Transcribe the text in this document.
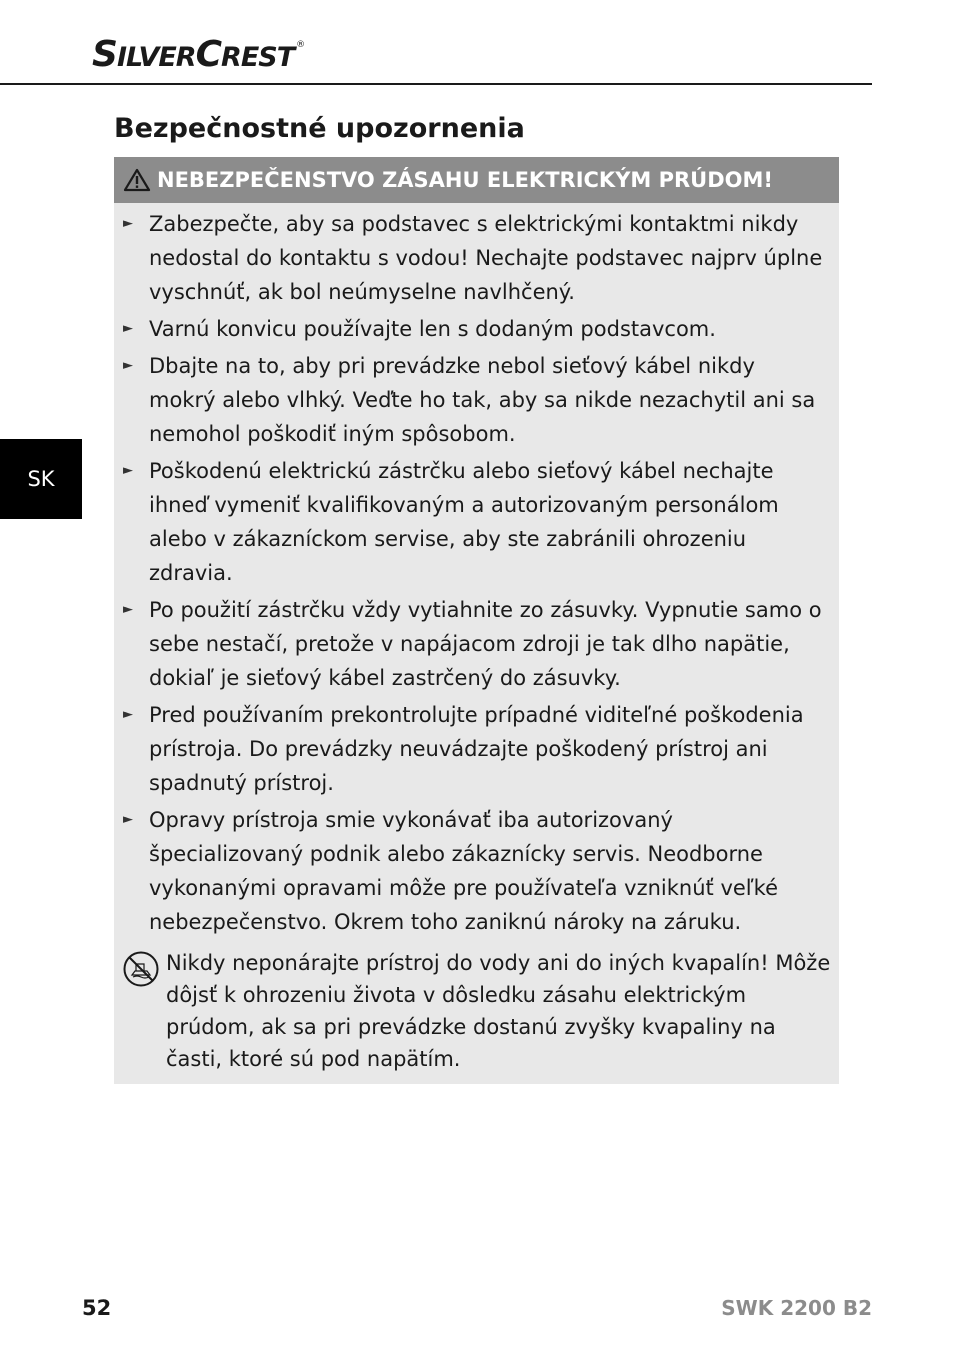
SILVERCREST ®
Bezpečnostné upozornenia
SK
NEBEZPEČENSTVO ZÁSAHU ELEKTRICKÝM PRÚDOM!
► Zabezpečte, aby sa podstavec s elektrickými kontaktmi nikdy nedostal do kontaktu s vodou! Nechajte podstavec najprv úplne vyschnúť, ak bol neúmyselne navlhčený.
► Varnú konvicu používajte len s dodaným podstavcom.
► Dbajte na to, aby pri prevádzke nebol sieťový kábel nikdy mokrý alebo vlhký. Veďte ho tak, aby sa nikde nezachytil ani sa nemohol poškodiť iným spôsobom.
► Poškodenú elektrickú zástrčku alebo sieťový kábel nechajte ihneď vymeniť kvalifikovaným a autorizovaným personálom alebo v zákazníckom servise, aby ste zabránili ohrozeniu zdravia.
► Po použití zástrčku vždy vytiahnite zo zásuvky. Vypnutie samo o sebe nestačí, pretože v napájacom zdroji je tak dlho napätie, dokiaľ je sieťový kábel zastrčený do zásuvky.
► Pred používaním prekontrolujte prípadné viditeľné poškodenia prístroja. Do prevádzky neuvádzajte poškodený prístroj ani spadnutý prístroj.
► Opravy prístroja smie vykonávať iba autorizovaný špecializovaný podnik alebo zákaznícky servis. Neodborne vykonanými opravami môže pre používateľa vzniknúť veľké nebezpečenstvo. Okrem toho zaniknú nároky na záruku.
Nikdy neponárajte prístroj do vody ani do iných kvapalín! Môže dôjsť k ohrozeniu života v dôsledku zásahu elektrickým prúdom, ak sa pri prevádzke dostanú zvyšky kvapaliny na časti, ktoré sú pod napätím.
52	SWK 2200 B2
